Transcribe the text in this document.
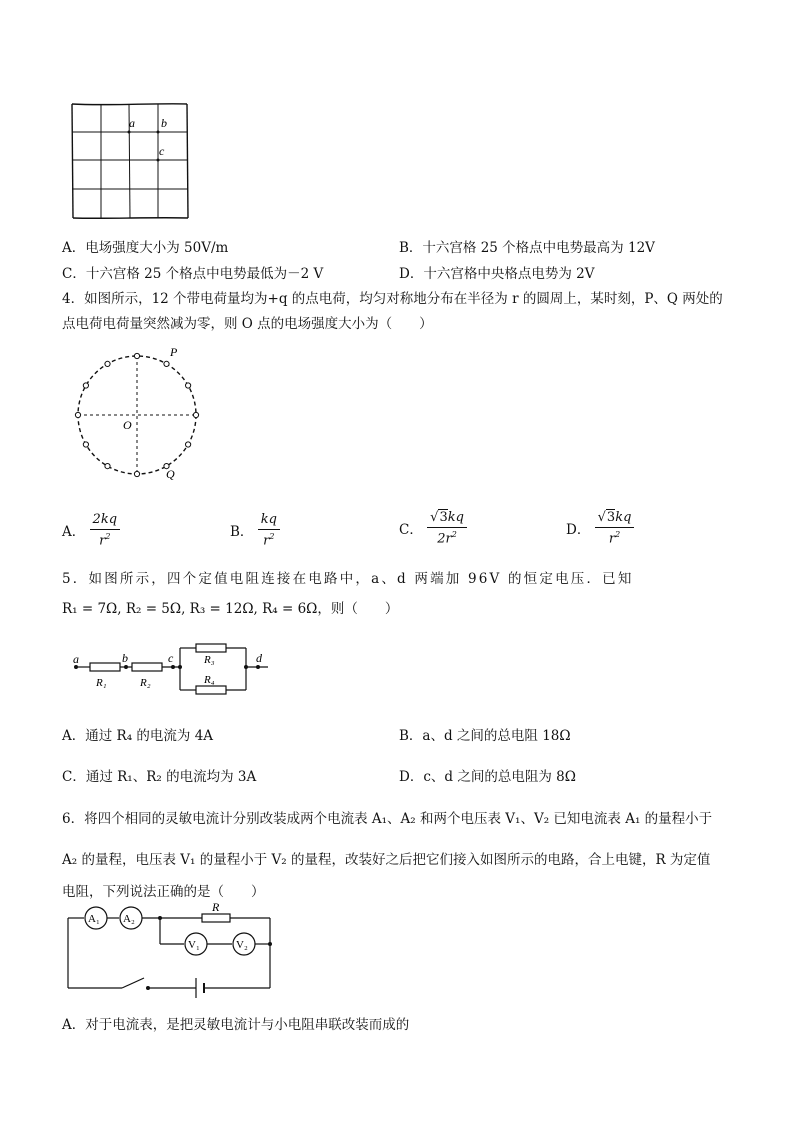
a b
c
A．电场强度大小为 50V/m	B．十六宫格 25 个格点中电势最高为 12V
C．十六宫格 25 个格点中电势最低为－2 V	D．十六宫格中央格点电势为 2V
4．如图所示，12 个带电荷量均为+q 的点电荷，均匀对称地分布在半径为 r 的圆周上，某时刻，P、Q 两处的
点电荷电荷量突然减为零，则 O 点的电场强度大小为（　　）
P
Q
O
A． $\frac{2kq}{r^2}$	B． $\frac{kq}{r^2}$	C． $\frac{√3kq}{2r^2}$	D． $\frac{√3kq}{r^2}$
5．如图所示，四个定值电阻连接在电路中，a、d 两端加 96V 的恒定电压．已知
R₁ = 7Ω, R₂ = 5Ω, R₃ = 12Ω, R₄ = 6Ω，则（　　）
a	b	c	d
R₁	R₂
R₃
R₄
A．通过 R₄ 的电流为 4A	B．a、d 之间的总电阻 18Ω
C．通过 R₁、R₂ 的电流均为 3A	D．c、d 之间的总电阻为 8Ω
6．将四个相同的灵敏电流计分别改装成两个电流表 A₁、A₂ 和两个电压表 V₁、V₂ 已知电流表 A₁ 的量程小于
A₂ 的量程，电压表 V₁ 的量程小于 V₂ 的量程，改装好之后把它们接入如图所示的电路，合上电键，R 为定值
电阻，下列说法正确的是（　　）
A₁ A₂
V₁	V₂
R
A．对于电流表，是把灵敏电流计与小电阻串联改装而成的
